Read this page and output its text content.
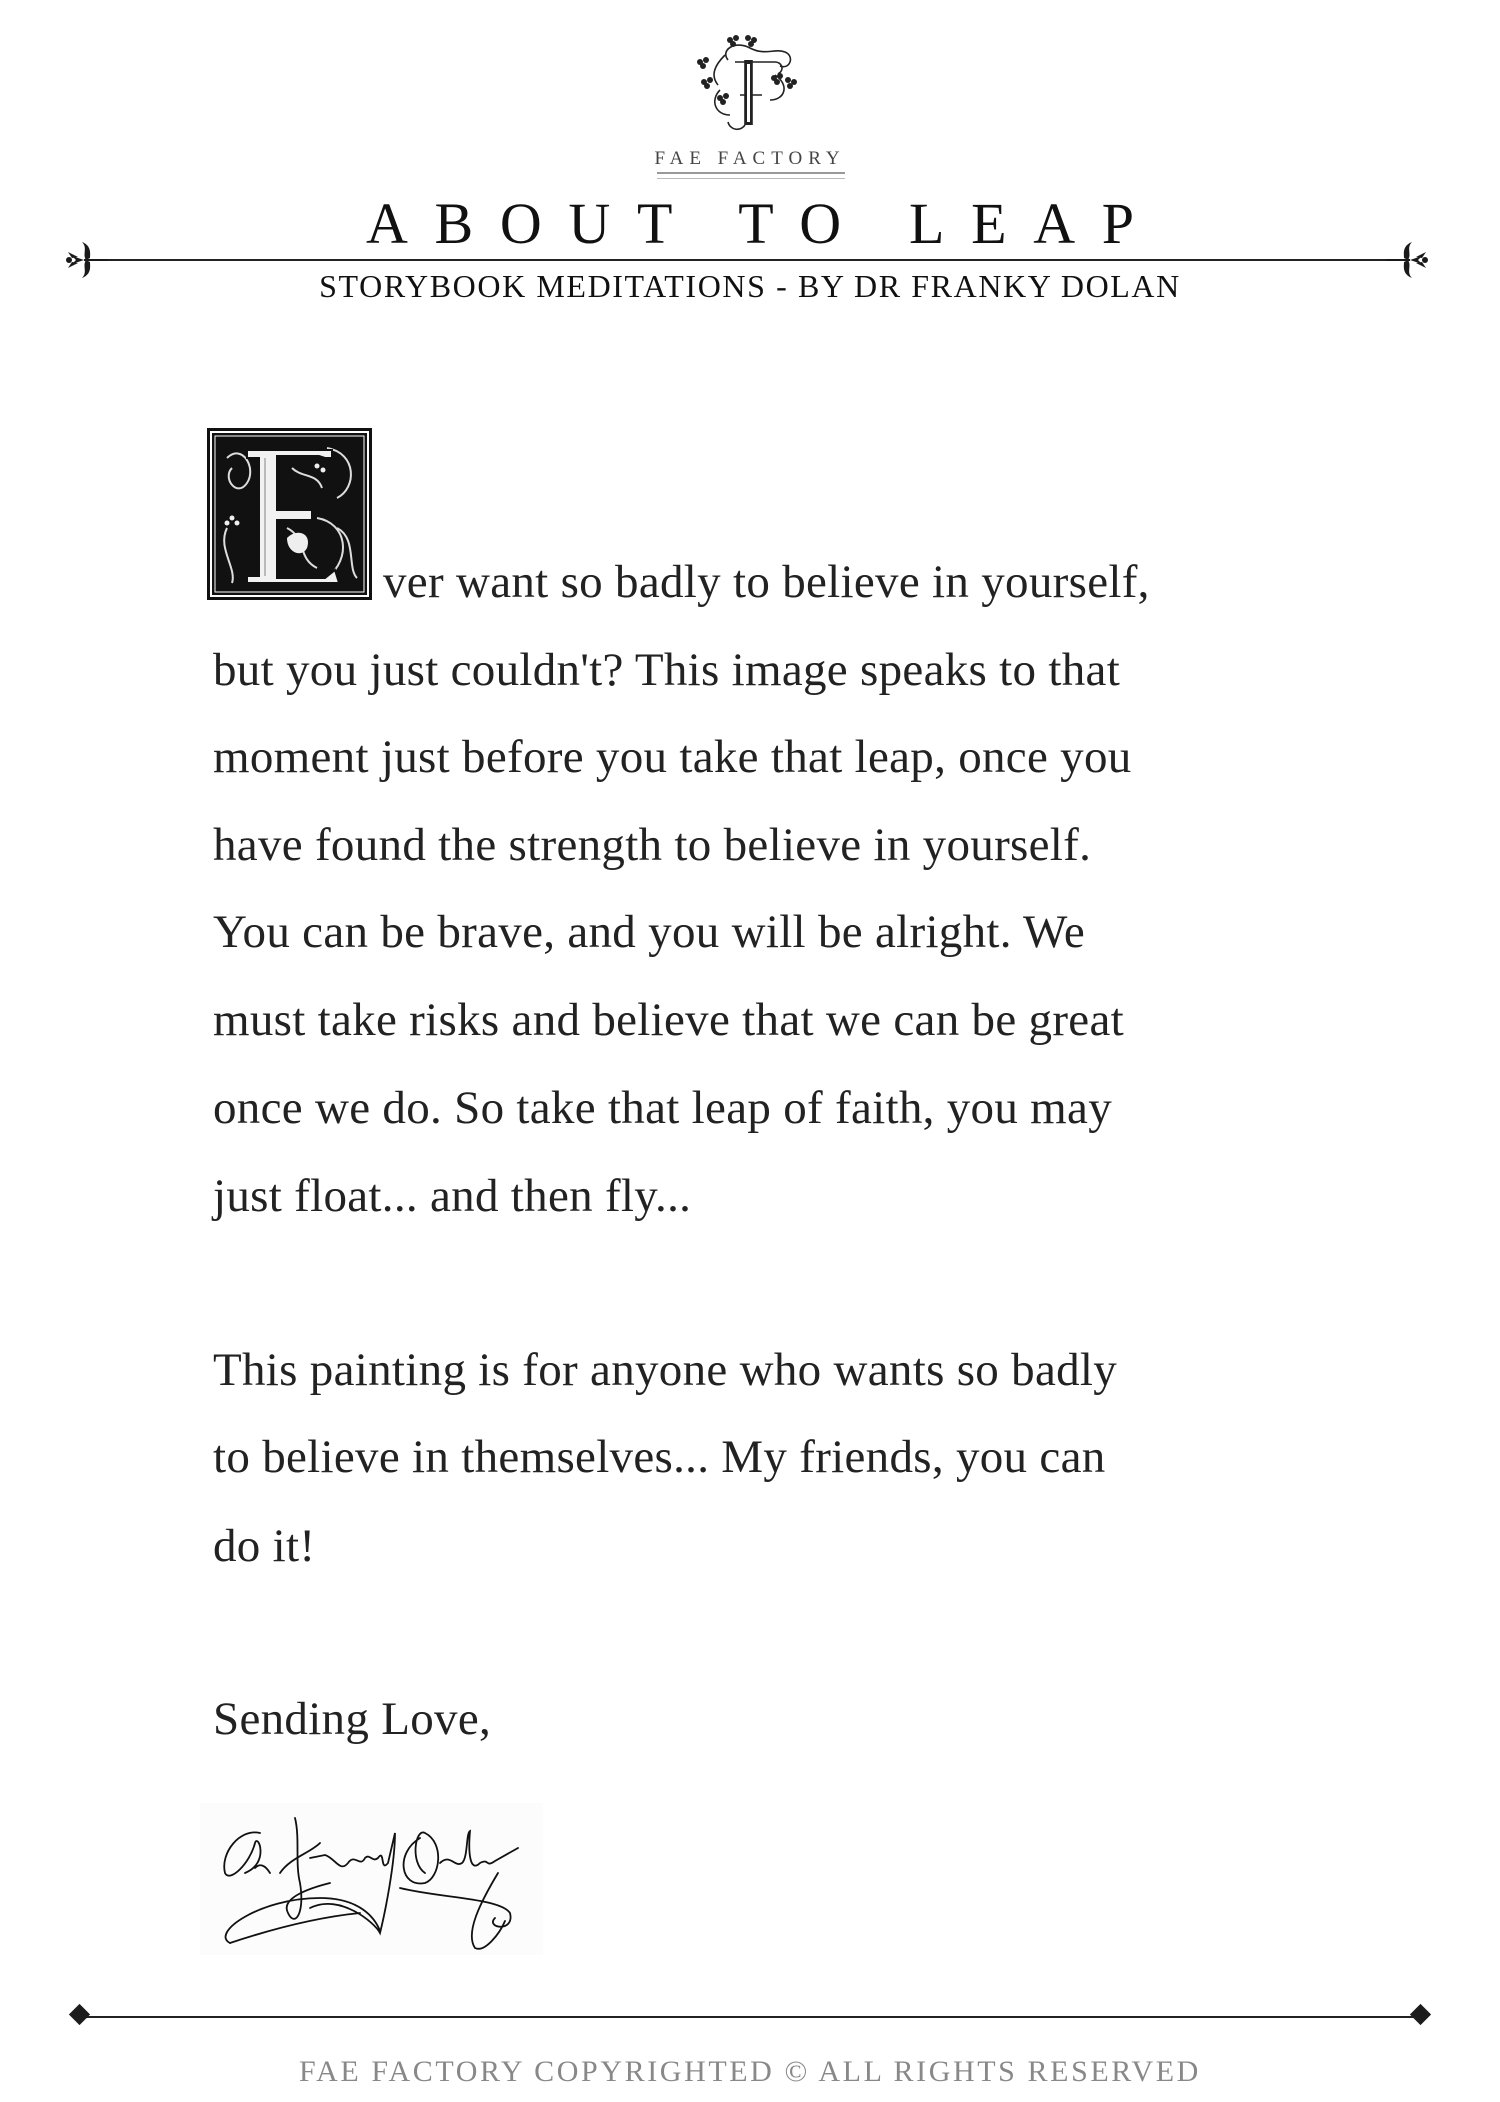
FAE FACTORY
ABOUT TO LEAP
STORYBOOK MEDITATIONS - BY DR FRANKY DOLAN
ver want so badly to believe in yourself,
but you just couldn't? This image speaks to that
moment just before you take that leap, once you
have found the strength to believe in yourself.
You can be brave, and you will be alright. We
must take risks and believe that we can be great
once we do. So take that leap of faith, you may
just float... and then fly...
This painting is for anyone who wants so badly
to believe in themselves... My friends, you can
do it!
Sending Love,
FAE FACTORY COPYRIGHTED © ALL RIGHTS RESERVED
